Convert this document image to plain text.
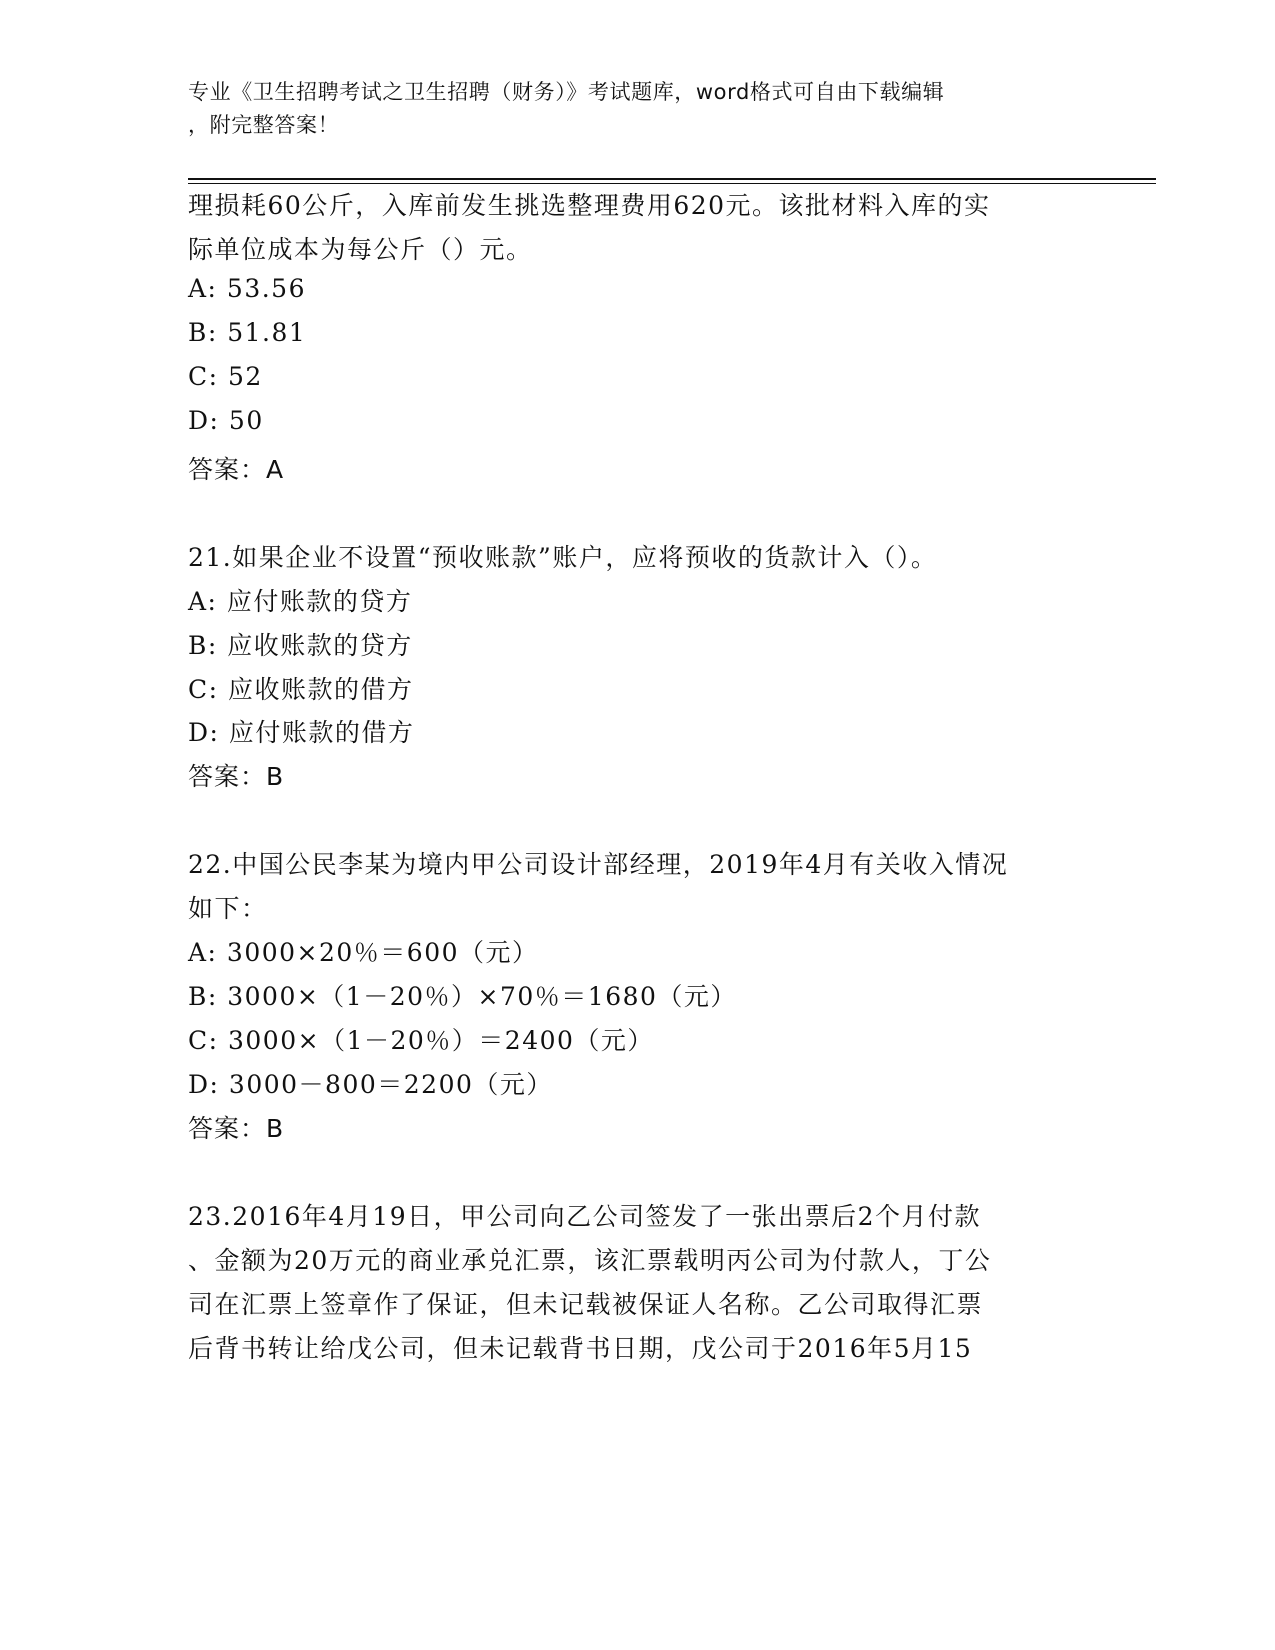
专业《卫生招聘考试之卫生招聘（财务）》考试题库，word格式可自由下载编辑
，附完整答案！
理损耗60公斤，入库前发生挑选整理费用620元。该批材料入库的实
际单位成本为每公斤（）元。
A: 53.56
B: 51.81
C: 52
D: 50
答案：A
21.如果企业不设置“预收账款”账户，应将预收的货款计入（）。
A: 应付账款的贷方
B: 应收账款的贷方
C: 应收账款的借方
D: 应付账款的借方
答案：B
22.中国公民李某为境内甲公司设计部经理，2019年4月有关收入情况
如下：
A: 3000×20％＝600（元）
B: 3000×（1－20％）×70％＝1680（元）
C: 3000×（1－20％）＝2400（元）
D: 3000－800＝2200（元）
答案：B
23.2016年4月19日，甲公司向乙公司签发了一张出票后2个月付款
、金额为20万元的商业承兑汇票，该汇票载明丙公司为付款人，丁公
司在汇票上签章作了保证，但未记载被保证人名称。乙公司取得汇票
后背书转让给戊公司，但未记载背书日期，戊公司于2016年5月15
